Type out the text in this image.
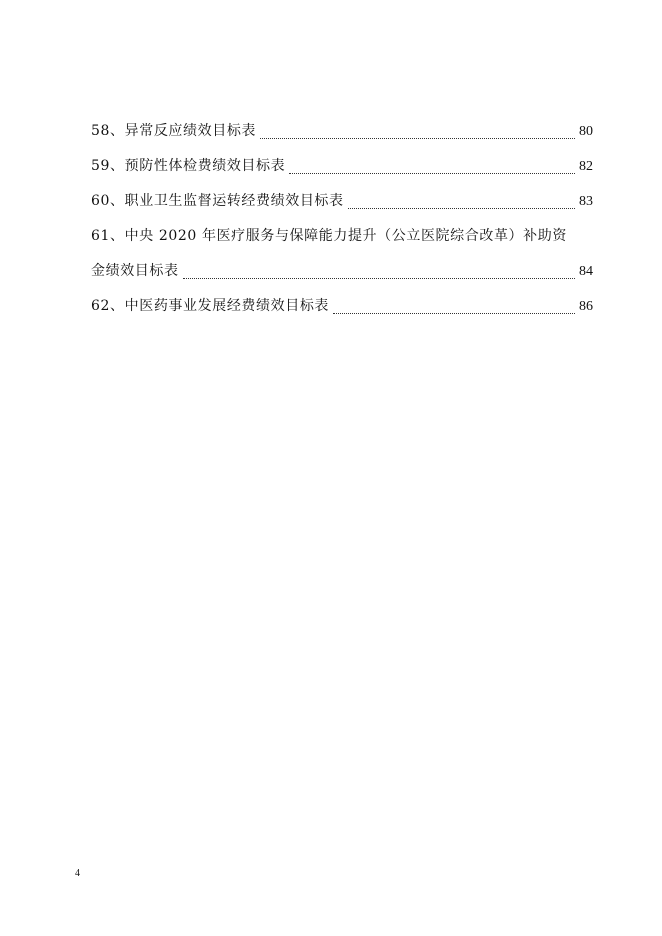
58、异常反应绩效目标表	80
59、预防性体检费绩效目标表	82
60、职业卫生监督运转经费绩效目标表	83
61、中央 2020 年医疗服务与保障能力提升（公立医院综合改革）补助资
金绩效目标表	84
62、中医药事业发展经费绩效目标表	86
4
